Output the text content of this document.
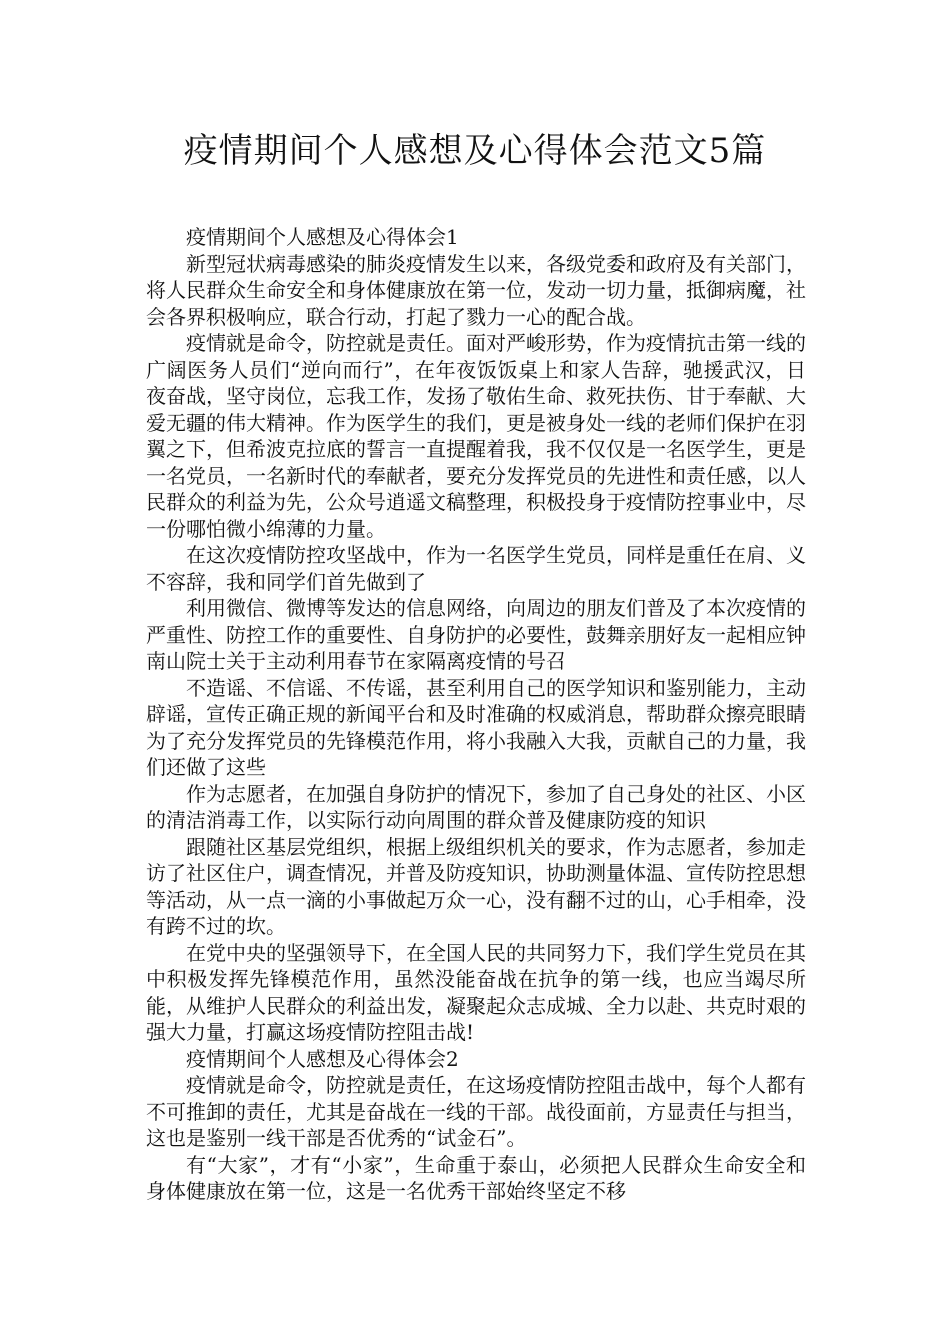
疫情期间个人感想及心得体会范文5篇

疫情期间个人感想及心得体会1

新型冠状病毒感染的肺炎疫情发生以来，各级党委和政府及有关部门，将人民群众生命安全和身体健康放在第一位，发动一切力量，抵御病魔，社会各界积极响应，联合行动，打起了戮力一心的配合战。

疫情就是命令，防控就是责任。面对严峻形势，作为疫情抗击第一线的广阔医务人员们“逆向而行”，在年夜饭饭桌上和家人告辞，驰援武汉，日夜奋战，坚守岗位，忘我工作，发扬了敬佑生命、救死扶伤、甘于奉献、大爱无疆的伟大精神。作为医学生的我们，更是被身处一线的老师们保护在羽翼之下，但希波克拉底的誓言一直提醒着我，我不仅仅是一名医学生，更是一名党员，一名新时代的奉献者，要充分发挥党员的先进性和责任感，以人民群众的利益为先，公众号逍遥文稿整理，积极投身于疫情防控事业中，尽一份哪怕微小绵薄的力量。

在这次疫情防控攻坚战中，作为一名医学生党员，同样是重任在肩、义不容辞，我和同学们首先做到了

利用微信、微博等发达的信息网络，向周边的朋友们普及了本次疫情的严重性、防控工作的重要性、自身防护的必要性，鼓舞亲朋好友一起相应钟南山院士关于主动利用春节在家隔离疫情的号召

不造谣、不信谣、不传谣，甚至利用自己的医学知识和鉴别能力，主动辟谣，宣传正确正规的新闻平台和及时准确的权威消息，帮助群众擦亮眼睛为了充分发挥党员的先锋模范作用，将小我融入大我，贡献自己的力量，我们还做了这些

作为志愿者，在加强自身防护的情况下，参加了自己身处的社区、小区的清洁消毒工作，以实际行动向周围的群众普及健康防疫的知识

跟随社区基层党组织，根据上级组织机关的要求，作为志愿者，参加走访了社区住户，调查情况，并普及防疫知识，协助测量体温、宣传防控思想等活动，从一点一滴的小事做起万众一心，没有翻不过的山，心手相牵，没有跨不过的坎。

在党中央的坚强领导下，在全国人民的共同努力下，我们学生党员在其中积极发挥先锋模范作用，虽然没能奋战在抗争的第一线，也应当竭尽所能，从维护人民群众的利益出发，凝聚起众志成城、全力以赴、共克时艰的强大力量，打赢这场疫情防控阻击战!

疫情期间个人感想及心得体会2

疫情就是命令，防控就是责任，在这场疫情防控阻击战中，每个人都有不可推卸的责任，尤其是奋战在一线的干部。战役面前，方显责任与担当，这也是鉴别一线干部是否优秀的“试金石”。

有“大家”，才有“小家”，生命重于泰山，必须把人民群众生命安全和身体健康放在第一位，这是一名优秀干部始终坚定不移
